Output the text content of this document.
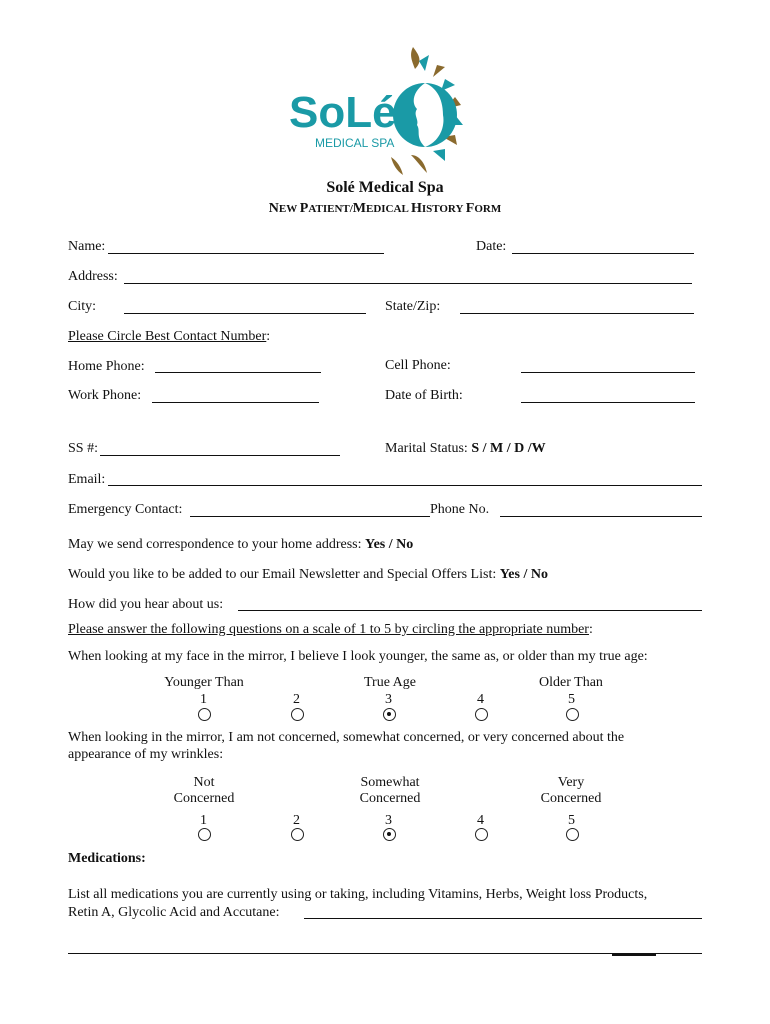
SoLé
MEDICAL SPA
Solé Medical Spa
NEW PATIENT/MEDICAL HISTORY FORM
Name:	Date:
Address:
City:	State/Zip:
Please Circle Best Contact Number:
Home Phone:	Cell Phone:
Work Phone:	Date of Birth:
SS #:	Marital Status: S / M / D /W
Email:
Emergency Contact:	Phone No.
May we send correspondence to your home address: Yes / No
Would you like to be added to our Email Newsletter and Special Offers List: Yes / No
How did you hear about us:
Please answer the following questions on a scale of 1 to 5 by circling the appropriate number:
When looking at my face in the mirror, I believe I look younger, the same as, or older than my true age:
Younger Than	True Age	Older Than
1	2	3	4	5
When looking in the mirror, I am not concerned, somewhat concerned, or very concerned about the
appearance of my wrinkles:
Not
Concerned
Somewhat
Concerned
Very
Concerned
1	2	3	4	5
Medications:
List all medications you are currently using or taking, including Vitamins, Herbs, Weight loss Products,
Retin A, Glycolic Acid and Accutane:
